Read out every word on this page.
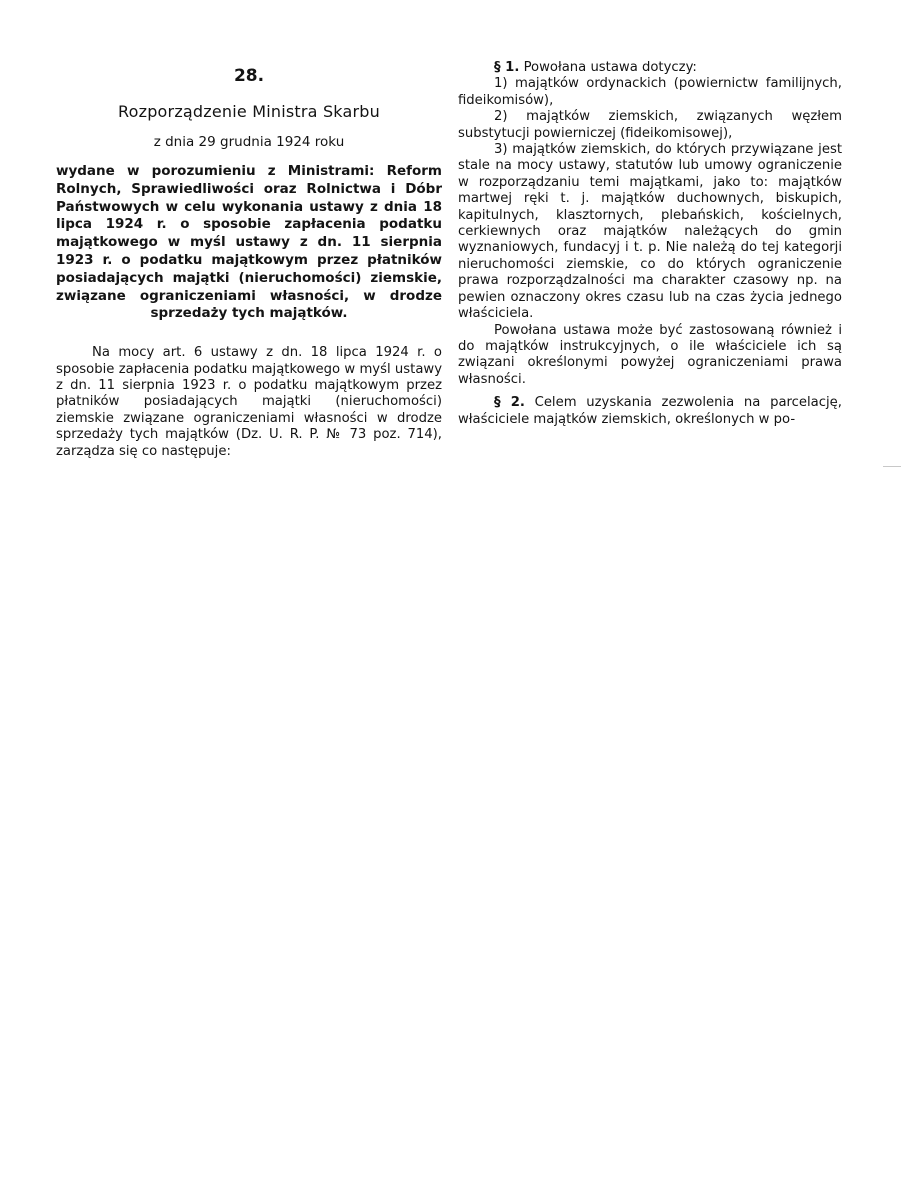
28.
Rozporządzenie Ministra Skarbu
z dnia 29 grudnia 1924 roku
wydane w porozumieniu z Ministrami: Reform Rolnych, Sprawiedliwości oraz Rolnictwa i Dóbr Państwowych w celu wykonania ustawy z dnia 18 lipca 1924 r. o sposobie zapłacenia podatku majątkowego w myśl ustawy z dn. 11 sierpnia 1923 r. o podatku majątkowym przez płatników posiadających majątki (nieruchomości) ziemskie, związane ograniczeniami własności, w drodze sprzedaży tych majątków.

Na mocy art. 6 ustawy z dn. 18 lipca 1924 r. o sposobie zapłacenia podatku majątkowego w myśl ustawy z dn. 11 sierpnia 1923 r. o podatku majątkowym przez płatników posiadających majątki (nieruchomości) ziemskie związane ograniczeniami własności w drodze sprzedaży tych majątków (Dz. U. R. P. № 73 poz. 714), zarządza się co następuje:

§ 1. Powołana ustawa dotyczy:

1) majątków ordynackich (powiernictw familijnych, fideikomisów),

2) majątków ziemskich, związanych węzłem substytucji powierniczej (fideikomisowej),

3) majątków ziemskich, do których przywiązane jest stale na mocy ustawy, statutów lub umowy ograniczenie w rozporządzaniu temi majątkami, jako to: majątków martwej ręki t. j. majątków duchownych, biskupich, kapitulnych, klasztornych, plebańskich, kościelnych, cerkiewnych oraz majątków należących do gmin wyznaniowych, fundacyj i t. p. Nie należą do tej kategorji nieruchomości ziemskie, co do których ograniczenie prawa rozporządzalności ma charakter czasowy np. na pewien oznaczony okres czasu lub na czas życia jednego właściciela.

Powołana ustawa może być zastosowaną również i do majątków instrukcyjnych, o ile właściciele ich są związani określonymi powyżej ograniczeniami prawa własności.

§ 2. Celem uzyskania zezwolenia na parcelację, właściciele majątków ziemskich, określonych w po-
